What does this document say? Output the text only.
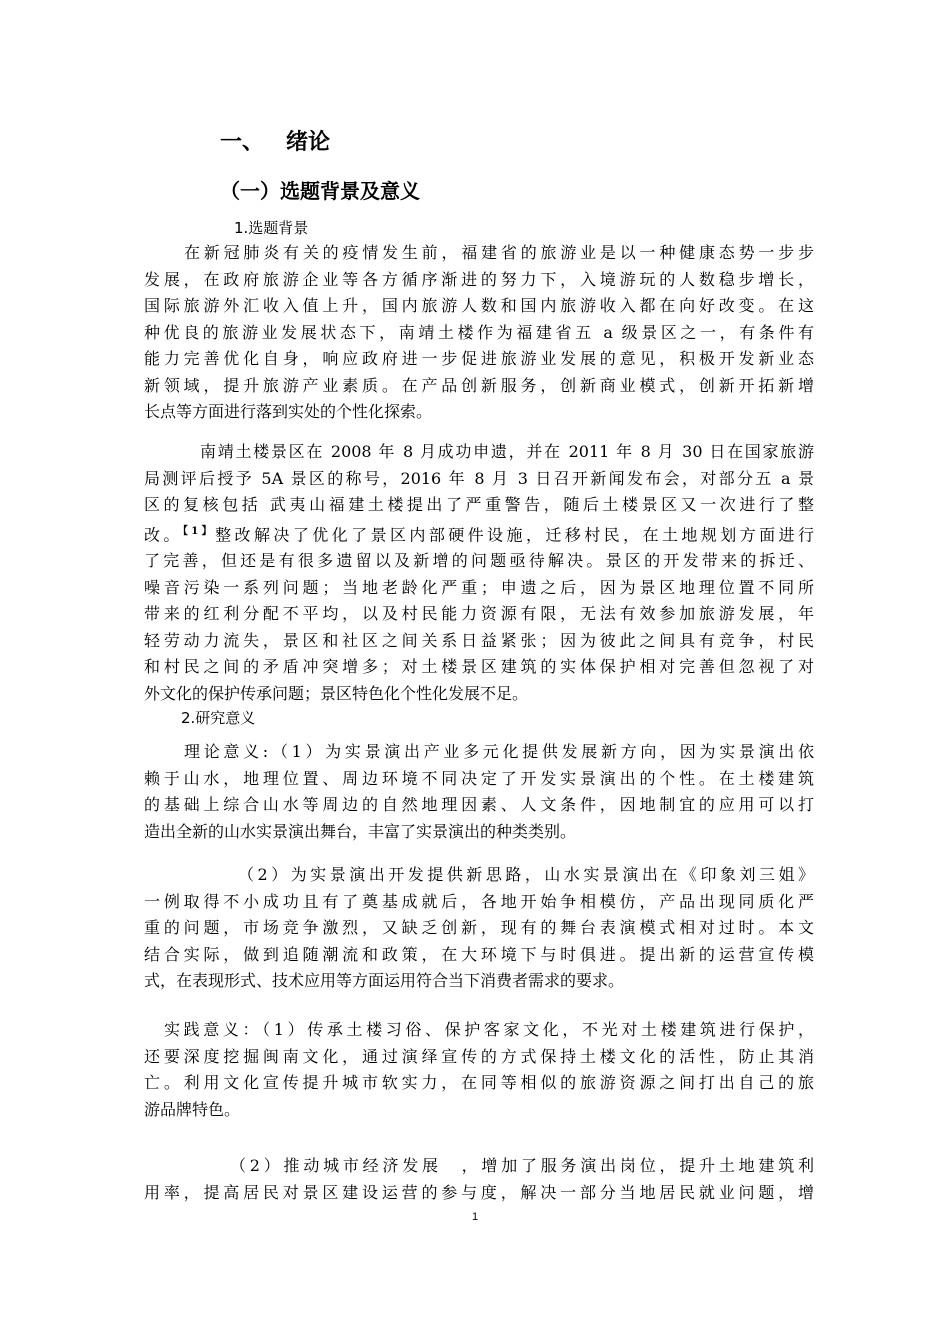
一、 绪论
（一）选题背景及意义
1.选题背景
在新冠肺炎有关的疫情发生前，福建省的旅游业是以一种健康态势一步步
发展，在政府旅游企业等各方循序渐进的努力下，入境游玩的人数稳步增长，
国际旅游外汇收入值上升，国内旅游人数和国内旅游收入都在向好改变。在这
种优良的旅游业发展状态下，南靖土楼作为福建省五 a 级景区之一，有条件有
能力完善优化自身，响应政府进一步促进旅游业发展的意见，积极开发新业态
新领域，提升旅游产业素质。在产品创新服务，创新商业模式，创新开拓新增
长点等方面进行落到实处的个性化探索。
南靖土楼景区在 2008 年 8 月成功申遗，并在 2011 年 8 月 30 日在国家旅游
局测评后授予 5A 景区的称号，2016 年 8 月 3 日召开新闻发布会，对部分五 a 景
区的复核包括 武夷山福建土楼提出了严重警告，随后土楼景区又一次进行了整
改。$^{【1】}$整改解决了优化了景区内部硬件设施，迁移村民，在土地规划方面进行
了完善，但还是有很多遗留以及新增的问题亟待解决。景区的开发带来的拆迁、
噪音污染一系列问题；当地老龄化严重；申遗之后，因为景区地理位置不同所
带来的红利分配不平均，以及村民能力资源有限，无法有效参加旅游发展，年
轻劳动力流失，景区和社区之间关系日益紧张；因为彼此之间具有竞争，村民
和村民之间的矛盾冲突增多；对土楼景区建筑的实体保护相对完善但忽视了对
外文化的保护传承问题；景区特色化个性化发展不足。
2.研究意义
理论意义:（1）为实景演出产业多元化提供发展新方向，因为实景演出依
赖于山水，地理位置、周边环境不同决定了开发实景演出的个性。在土楼建筑
的基础上综合山水等周边的自然地理因素、人文条件，因地制宜的应用可以打
造出全新的山水实景演出舞台，丰富了实景演出的种类类别。
（2）为实景演出开发提供新思路，山水实景演出在《印象刘三姐》
一例取得不小成功且有了奠基成就后，各地开始争相模仿，产品出现同质化严
重的问题，市场竞争激烈，又缺乏创新，现有的舞台表演模式相对过时。本文
结合实际，做到追随潮流和政策，在大环境下与时俱进。提出新的运营宣传模
式，在表现形式、技术应用等方面运用符合当下消费者需求的要求。
实践意义：（1）传承土楼习俗、保护客家文化，不光对土楼建筑进行保护，
还要深度挖掘闽南文化，通过演绎宣传的方式保持土楼文化的活性，防止其消
亡。利用文化宣传提升城市软实力，在同等相似的旅游资源之间打出自己的旅
游品牌特色。
（2）推动城市经济发展　，增加了服务演出岗位，提升土地建筑利
用率，提高居民对景区建设运营的参与度，解决一部分当地居民就业问题，增
1
